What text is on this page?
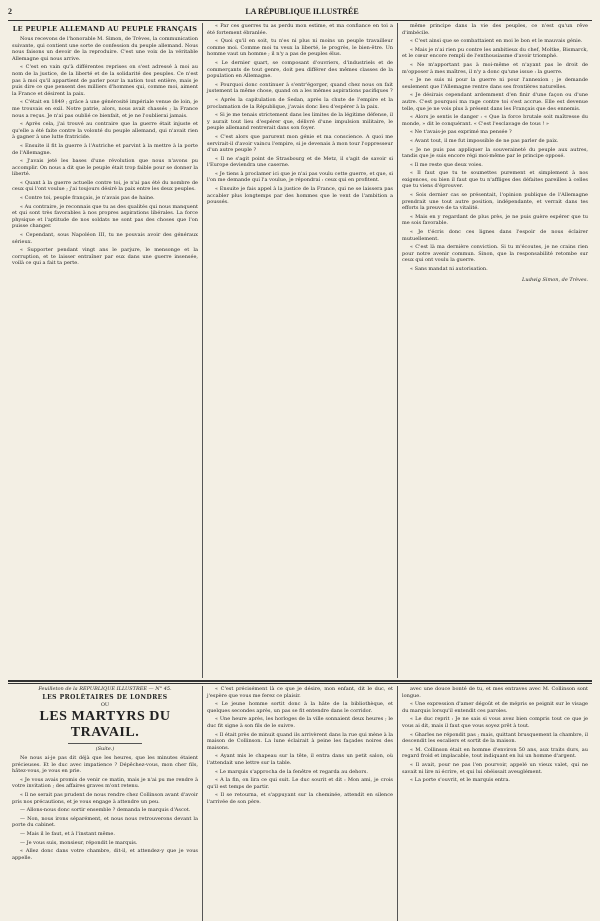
2	LA RÉPUBLIQUE ILLUSTRÉE
LE PEUPLE ALLEMAND AU PEUPLE FRANÇAIS

Nous recevons de l'honorable M. Simon, de Trèves, la communication suivante, qui contient une sorte de confession du peuple allemand. Nous nous faisons un devoir de la reproduire. C'est une voix de la véritable Allemagne qui nous arrive.

« C'est en vain qu'à différentes reprises on s'est adressé à moi au nom de la justice, de la liberté et de la solidarité des peuples. Ce n'est pas à moi qu'il appartient de parler pour la nation tout entière, mais je puis dire ce que pensent des milliers d'hommes qui, comme moi, aiment la France et désirent la paix.

« C'était en 1849 ; grâce à une générosité impériale venue de loin, je me trouvais en exil. Notre patrie, alors, nous avait chassés ; la France nous a reçus. Je n'ai pas oublié ce bienfait, et je ne l'oublierai jamais.

« Après cela, j'ai trouvé au contraire que la guerre était injuste et qu'elle a été faite contre la volonté du peuple allemand, qui n'avait rien à gagner à une lutte fratricide.

« Ensuite il fit la guerre à l'Autriche et parvint à la mettre à la porte de l'Allemagne.

« J'avais jeté les bases d'une révolution que nous n'avons pu accomplir. On nous a dit que le peuple était trop faible pour se donner la liberté.

« Quant à la guerre actuelle contre toi, je n'ai pas été du nombre de ceux qui l'ont voulue ; j'ai toujours désiré la paix entre les deux peuples.

« Contre toi, peuple français, je n'avais pas de haine.

« Au contraire, je reconnais que tu as des qualités qui nous manquent et qui sont très favorables à nos propres aspirations libérales. La force physique et l'aptitude de nos soldats ne sont pas des choses que l'on puisse changer.

« Cependant, sous Napoléon III, tu ne pouvais avoir des généraux sérieux.

« Supporter pendant vingt ans le parjure, le mensonge et la corruption, et te laisser entraîner par eux dans une guerre insensée, voilà ce qui a fait ta perte.

« Par ces guerres tu as perdu mon estime, et ma confiance en toi a été fortement ébranlée.

« Quoi qu'il en soit, tu n'es ni plus ni moins un peuple travailleur comme moi. Comme moi tu veux la liberté, le progrès, le bien-être. Un homme vaut un homme ; il n'y a pas de peuples élus.

« Le dernier quart, se composant d'ouvriers, d'industriels et de commerçants de tout genre, doit peu différer des mêmes classes de la population en Allemagne.

« Pourquoi donc continuer à s'entr'égorger, quand chez nous on fait justement la même chose, quand on a les mêmes aspirations pacifiques ?

« Après la capitulation de Sedan, après la chute de l'empire et la proclamation de la République, j'avais donc lieu d'espérer à la paix.

« Si je me tenais strictement dans les limites de la légitime défense, il y aurait tout lieu d'espérer que, délivré d'une impulsion militaire, le peuple allemand rentrerait dans son foyer.

« C'est alors que parurent mon génie et ma conscience. A quoi me servirait-il d'avoir vaincu l'empire, si je devenais à mon tour l'oppresseur d'un autre peuple ?

« Il ne s'agit point de Strasbourg et de Metz, il s'agit de savoir si l'Europe deviendra une caserne.

« Je tiens à proclamer ici que je n'ai pas voulu cette guerre, et que, si l'on me demande qui l'a voulue, je répondrai : ceux qui en profitent.

« Ensuite je fais appel à la justice de la France, qui ne se laissera pas accabler plus longtemps par des hommes que le vent de l'ambition a poussés.

même principe dans la vie des peuples, ce n'est qu'un rêve d'imbécile.

« C'est ainsi que se combattaient en moi le bon et le mauvais génie.

« Mais je n'ai rien pu contre les ambitieux du chef, Moltke, Bismarck, et le cœur encore rempli de l'enthousiasme d'avoir triomphé.

« Ne m'apportant pas à moi-même et n'ayant pas le droit de m'opposer à mes maîtres, il n'y a donc qu'une issue : la guerre.

« Je ne suis ni pour la guerre ni pour l'annexion ; je demande seulement que l'Allemagne rentre dans ses frontières naturelles.

« Je désirais cependant ardemment d'en finir d'une façon ou d'une autre. C'est pourquoi ma rage contre toi s'est accrue. Elle est devenue telle, que je ne vois plus à présent dans les Français que des ennemis.

« Alors je sentis le danger : « Que la force brutale soit maîtresse du monde, » dit le conquérant. « C'est l'esclavage de tous ! »

« Ne t'avais-je pas exprimé ma pensée ?

« Avant tout, il me fut impossible de ne pas parler de paix.

« Je ne puis pas appliquer la souveraineté du peuple aux autres, tandis que je suis encore régi moi-même par le principe opposé.

« Il me reste que deux voies.

« Il faut que tu te soumettes purement et simplement à nos exigences, ou bien il faut que tu n'affliges des défaites pareilles à celles que tu viens d'éprouver.

« Sois dernier cas se présentait, l'opinion publique de l'Allemagne prendrait une tout autre position, indépendante, et verrait dans tes efforts la preuve de ta vitalité.

« Mais en y regardant de plus près, je ne puis guère espérer que tu me sois favorable.

« Je t'écris donc ces lignes dans l'espoir de nous éclairer mutuellement.

« C'est là ma dernière conviction. Si tu m'écoutes, je ne crains rien pour notre avenir commun. Sinon, que la responsabilité retombe sur ceux qui ont voulu la guerre.

« Sans mandat ni autorisation.

Ludwig Simon, de Trèves.
Feuilleton de la RÉPUBLIQUE ILLUSTRÉE — N° 45.
LES PROLÉTAIRES DE LONDRES
OU
LES MARTYRS DU TRAVAIL.
(Suite.)

Ne nous ai-je pas dit déjà que les heures, que les minutes étaient précieuses. Et le duc avec impatience ? Dépêchez-vous, mon cher fils, hâtez-vous, je vous en prie.

« Je vous avais promis de venir ce matin, mais je n'ai pu me rendre à votre invitation ; des affaires graves m'ont retenu.

« Il ne serait pas prudent de nous rendre chez Collinson avant d'avoir pris nos précautions, et je vous engage à attendre un peu.

— Allons-nous donc sortir ensemble ? demanda le marquis d'Ascot.

— Non, nous irons séparément, et nous nous retrouverons devant la porte du cabinet.

— Mais il le faut, et à l'instant même.

— Je vous suis, monsieur, répondit le marquis.

« Allez donc dans votre chambre, dit-il, et attendez-y que je vous appelle.

« C'est précisément là ce que je désire, mon enfant, dit le duc, et j'espère que vous me ferez ce plaisir.

« Le jeune homme sortit donc à la hâte de la bibliothèque, et quelques secondes après, un pas se fit entendre dans le corridor.

« Une heure après, les horloges de la ville sonnaient deux heures ; le duc fit signe à son fils de le suivre.

« Il était près de minuit quand ils arrivèrent dans la rue qui mène à la maison de Collinson. La lune éclairait à peine les façades noires des maisons.

« Ayant mis le chapeau sur la tête, il entra dans un petit salon, où l'attendait une lettre sur la table.

« Le marquis s'approcha de la fenêtre et regarda au dehors.

« A la fin, on lira ce qui suit. Le duc sourit et dit : Mon ami, je crois qu'il est temps de partir.

« Il se retourna, et s'appuyant sur la cheminée, attendit en silence l'arrivée de son père.

avec une douce bonté de tu, et mes entraves avec M. Collinson sont longue.

« Une expression d'amer dégoût et de mépris se peignit sur le visage du marquis lorsqu'il entendit ces paroles.

« Le duc reprit : Je ne sais si vous avez bien compris tout ce que je vous ai dit, mais il faut que vous soyez prêt à tout.

« Gharles ne répondit pas ; mais, quittant brusquement la chambre, il descendit les escaliers et sortit de la maison.

« M. Collinson était en homme d'environ 50 ans, aux traits durs, au regard froid et implacable, tout indiquant en lui un homme d'argent.

« Il avait, pour ne pas l'en pourvoir, appelé un vieux valet, qui ne savait ni lire ni écrire, et qui lui obéissait aveuglément.

« La porte s'ouvrit, et le marquis entra.
